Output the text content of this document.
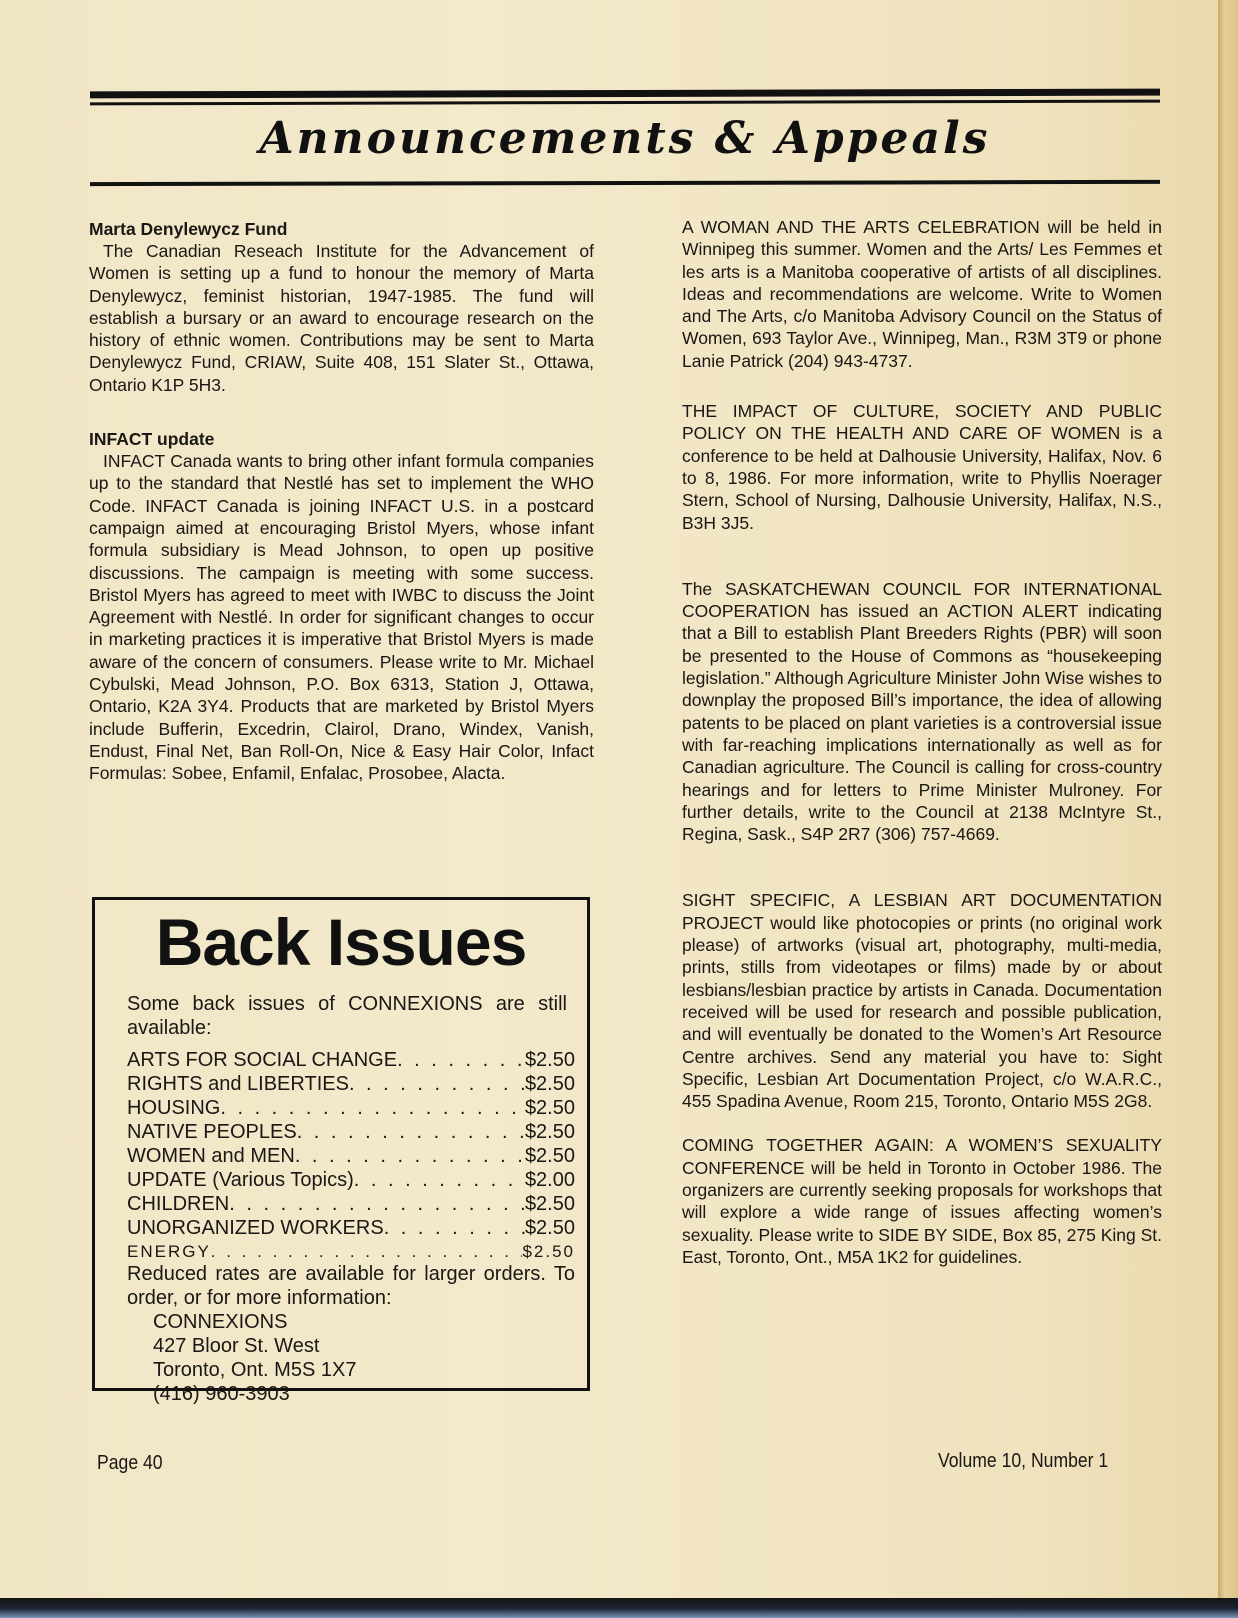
Announcements & Appeals
Marta Denylewycz Fund

The Canadian Reseach Institute for the Advancement of Women is setting up a fund to honour the memory of Marta Denylewycz, feminist historian, 1947-1985. The fund will establish a bursary or an award to encourage research on the history of ethnic women. Contributions may be sent to Marta Denylewycz Fund, CRIAW, Suite 408, 151 Slater St., Ottawa, Ontario K1P 5H3.

INFACT update

INFACT Canada wants to bring other infant formula companies up to the standard that Nestlé has set to implement the WHO Code. INFACT Canada is joining INFACT U.S. in a postcard campaign aimed at encouraging Bristol Myers, whose infant formula subsidiary is Mead Johnson, to open up positive discussions. The campaign is meeting with some success. Bristol Myers has agreed to meet with IWBC to discuss the Joint Agreement with Nestlé. In order for significant changes to occur in marketing practices it is imperative that Bristol Myers is made aware of the concern of consumers. Please write to Mr. Michael Cybulski, Mead Johnson, P.O. Box 6313, Station J, Ottawa, Ontario, K2A 3Y4. Products that are marketed by Bristol Myers include Bufferin, Excedrin, Clairol, Drano, Windex, Vanish, Endust, Final Net, Ban Roll-On, Nice & Easy Hair Color, Infact Formulas: Sobee, Enfamil, Enfalac, Prosobee, Alacta.

Back Issues
Some back issues of CONNEXIONS are still available:
ARTS FOR SOCIAL CHANGE . . .	$2.50
RIGHTS and LIBERTIES . . .	$2.50
HOUSING . . .	$2.50
NATIVE PEOPLES . . .	$2.50
WOMEN and MEN . . .	$2.50
UPDATE (Various Topics) . . .	$2.00
CHILDREN . . .	$2.50
UNORGANIZED WORKERS . . .	$2.50
ENERGY . . .	$2.50
Reduced rates are available for larger orders. To order, or for more information:
CONNEXIONS
427 Bloor St. West
Toronto, Ont. M5S 1X7
(416) 960-3903

A WOMAN AND THE ARTS CELEBRATION will be held in Winnipeg this summer. Women and the Arts/ Les Femmes et les arts is a Manitoba cooperative of artists of all disciplines. Ideas and recommendations are welcome. Write to Women and The Arts, c/o Manitoba Advisory Council on the Status of Women, 693 Taylor Ave., Winnipeg, Man., R3M 3T9 or phone Lanie Patrick (204) 943-4737.

THE IMPACT OF CULTURE, SOCIETY AND PUBLIC POLICY ON THE HEALTH AND CARE OF WOMEN is a conference to be held at Dalhousie University, Halifax, Nov. 6 to 8, 1986. For more information, write to Phyllis Noerager Stern, School of Nursing, Dalhousie University, Halifax, N.S., B3H 3J5.

The SASKATCHEWAN COUNCIL FOR INTERNATIONAL COOPERATION has issued an ACTION ALERT indicating that a Bill to establish Plant Breeders Rights (PBR) will soon be presented to the House of Commons as “housekeeping legislation.” Although Agriculture Minister John Wise wishes to downplay the proposed Bill’s importance, the idea of allowing patents to be placed on plant varieties is a controversial issue with far-reaching implications internationally as well as for Canadian agriculture. The Council is calling for cross-country hearings and for letters to Prime Minister Mulroney. For further details, write to the Council at 2138 McIntyre St., Regina, Sask., S4P 2R7 (306) 757-4669.

SIGHT SPECIFIC, A LESBIAN ART DOCUMENTATION PROJECT would like photocopies or prints (no original work please) of artworks (visual art, photography, multi-media, prints, stills from videotapes or films) made by or about lesbians/lesbian practice by artists in Canada. Documentation received will be used for research and possible publication, and will eventually be donated to the Women’s Art Resource Centre archives. Send any material you have to: Sight Specific, Lesbian Art Documentation Project, c/o W.A.R.C., 455 Spadina Avenue, Room 215, Toronto, Ontario M5S 2G8.

COMING TOGETHER AGAIN: A WOMEN’S SEXUALITY CONFERENCE will be held in Toronto in October 1986. The organizers are currently seeking proposals for workshops that will explore a wide range of issues affecting women’s sexuality. Please write to SIDE BY SIDE, Box 85, 275 King St. East, Toronto, Ont., M5A 1K2 for guidelines.

Page 40	Volume 10, Number 1
